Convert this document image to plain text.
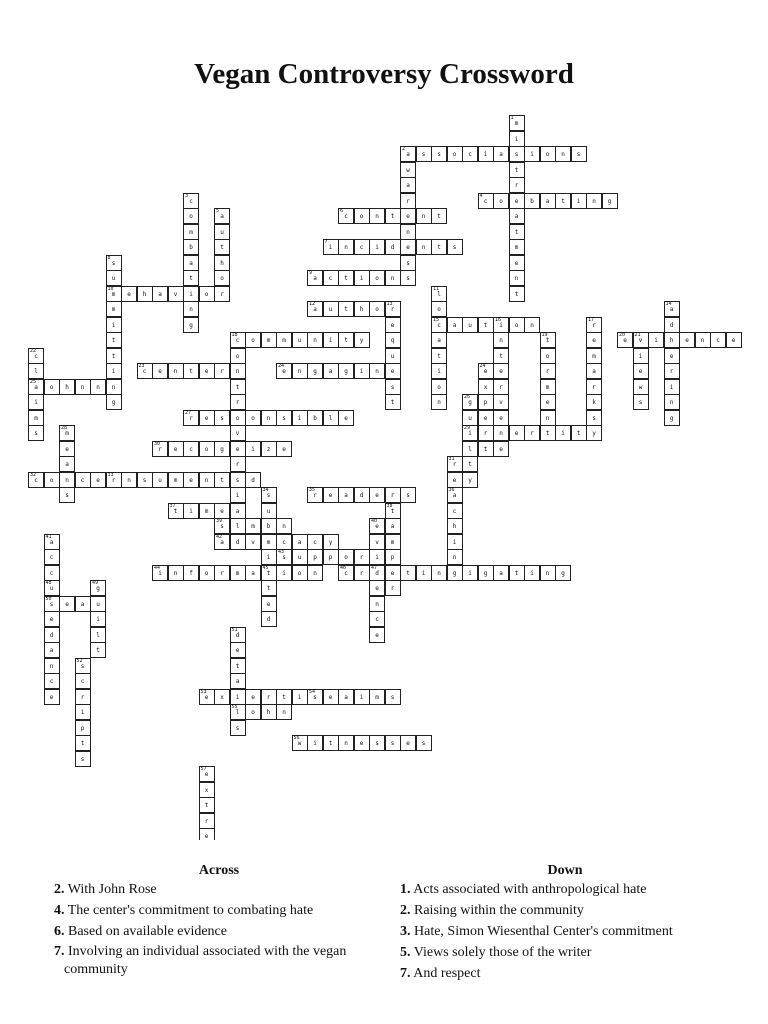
Vegan Controversy Crossword
1
m
i
s
t
r
e
a
t
m
e
n
t
2
a	s	s	o	c	i	a	i	o	n	s
w
a
r
e
n
e
s
s
3
c
o
m
b
a
t
i
n
g
4
c	o	b	a	t	i	n	g
5
a
u
t
h
o
r
6
c	o	n	t	n	t
7
i	n	c	i	d	n	t	s
8
s
u
10
m
m
i
t
t
i
n
g
9
a	c	t	i	o	n
e	h	a	v	o
11
l
o
15
c
a
t
i
o
n
12
a	u	t	h	o
13
r
e
q
u
e
s
t
14
a
d
h
e
r
i
n
g
a	u	t
16
i	o	n
n
t
e
r
v
e
n
e
17
r
e
m
a
r
k
s
18
c	o	m	m	u	n	i	t	y
o
n
t
r
o
v
e
r
s
i
a
l
19
t
o
r
m
e
n
t
20
e
21
v	i	e	n	c	e
i
e
w
s
22
c
l
25
a
i
m
s
23
c	e	n	t	e	r
24
e	n	g	a	g	i	n
24
e
x
p
e
r
t
o	h	n	n
26
g
u
29
i
l
t
y
27
r	e	s	o	n	s	i	b	l	e
28
m
e
a
n
s
e	r	i	t	y
30
r	e	c	o	g	i	z	e
31
r
e
36
a
c
h
i
n
g
32
c	o	c	e
33
r	n	s	u	m	e	n	t	d
34
s
u
b
m
i
45
t
t
e
d
35
r	e	a	d	e	r	s
37
t	i	m	e
38
t
a
m
p
e
r
39
s	m	n
40
e
v
i
47
d
e
n
c
e
41
a
c
c
48
u
50
s
e
d
42
a	d	v	c	a	c	y
43
s	u	p	p	o	r
44
i	n	f	o	r	m	a	i	o	n
46
c	r	t	i	n	i	g	a	t	i	n	g
a
n
c
e
49
g
u
i
l
t
e	a
51
d
e
t
a
i
55
l
s
52
s
c
r
i
p
t
s
53
e	x	e	r	t	i
54
s	e	a	i	m	s
o	h	n
56
w	i	t	n	e	s	s	e	s
57
e
x
t
r
e
Across
2. With John Rose
4. The center's commitment to combating hate
6. Based on available evidence
7. Involving an individual associated with the vegan community
Down
1. Acts associated with anthropological hate
2. Raising within the community
3. Hate, Simon Wiesenthal Center's commitment
5. Views solely those of the writer
7. And respect
